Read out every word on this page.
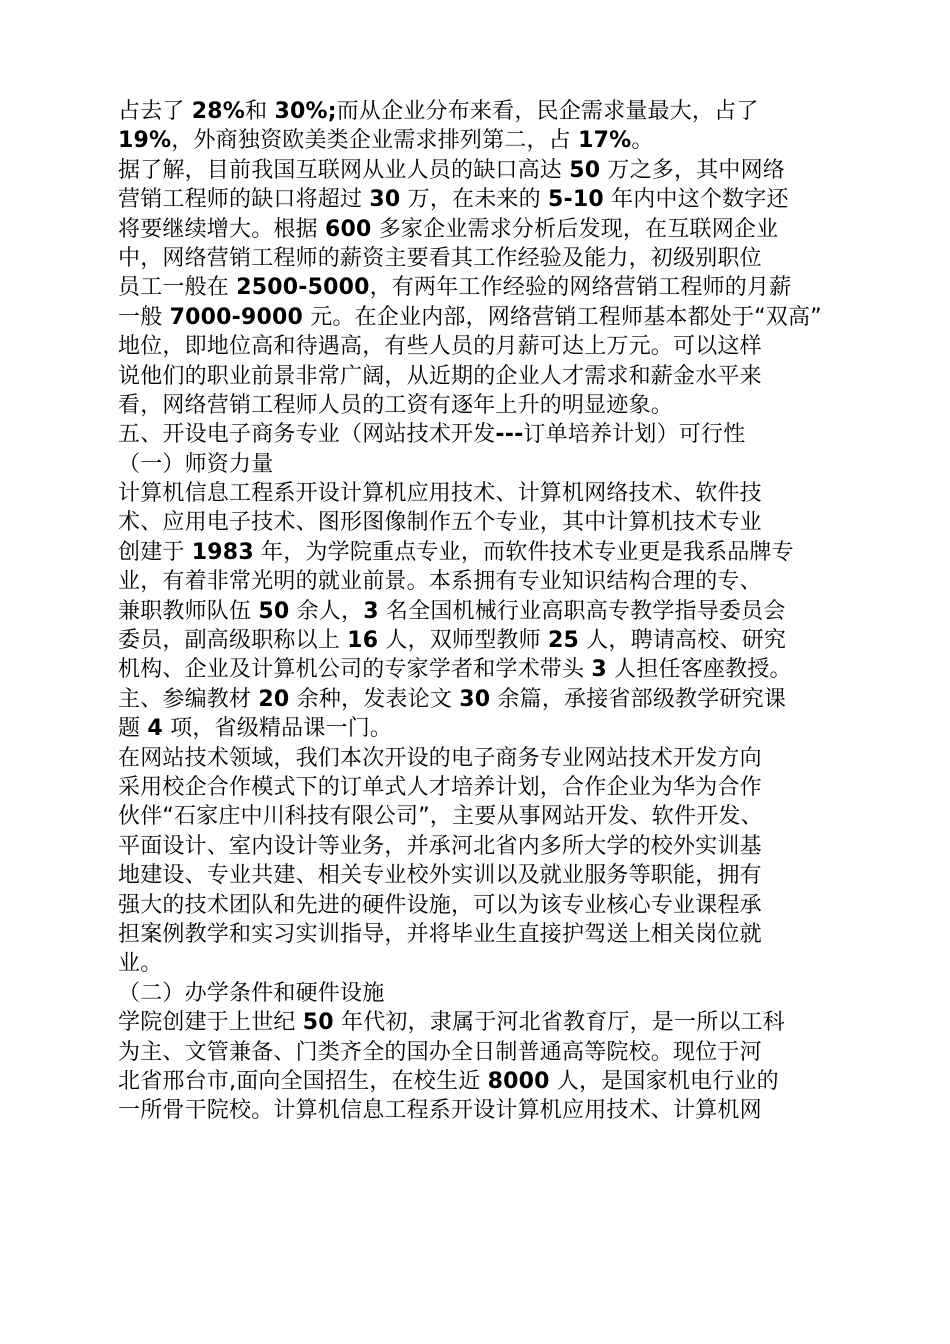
占去了 28%和 30%;而从企业分布来看，民企需求量最大，占了
19%，外商独资欧美类企业需求排列第二，占 17%。
据了解，目前我国互联网从业人员的缺口高达 50 万之多，其中网络
营销工程师的缺口将超过 30 万，在未来的 5-10 年内中这个数字还
将要继续增大。根据 600 多家企业需求分析后发现，在互联网企业
中，网络营销工程师的薪资主要看其工作经验及能力，初级别职位
员工一般在 2500-5000，有两年工作经验的网络营销工程师的月薪
一般 7000-9000 元。在企业内部，网络营销工程师基本都处于“双高”
地位，即地位高和待遇高，有些人员的月薪可达上万元。可以这样
说他们的职业前景非常广阔，从近期的企业人才需求和薪金水平来
看，网络营销工程师人员的工资有逐年上升的明显迹象。
五、开设电子商务专业（网站技术开发---订单培养计划）可行性
（一）师资力量
计算机信息工程系开设计算机应用技术、计算机网络技术、软件技
术、应用电子技术、图形图像制作五个专业，其中计算机技术专业
创建于 1983 年，为学院重点专业，而软件技术专业更是我系品牌专
业，有着非常光明的就业前景。本系拥有专业知识结构合理的专、
兼职教师队伍 50 余人，3 名全国机械行业高职高专教学指导委员会
委员，副高级职称以上 16 人，双师型教师 25 人，聘请高校、研究
机构、企业及计算机公司的专家学者和学术带头 3 人担任客座教授。
主、参编教材 20 余种，发表论文 30 余篇，承接省部级教学研究课
题 4 项，省级精品课一门。
在网站技术领域，我们本次开设的电子商务专业网站技术开发方向
采用校企合作模式下的订单式人才培养计划，合作企业为华为合作
伙伴“石家庄中川科技有限公司”，主要从事网站开发、软件开发、
平面设计、室内设计等业务，并承河北省内多所大学的校外实训基
地建设、专业共建、相关专业校外实训以及就业服务等职能，拥有
强大的技术团队和先进的硬件设施，可以为该专业核心专业课程承
担案例教学和实习实训指导，并将毕业生直接护驾送上相关岗位就
业。
（二）办学条件和硬件设施
学院创建于上世纪 50 年代初，隶属于河北省教育厅，是一所以工科
为主、文管兼备、门类齐全的国办全日制普通高等院校。现位于河
北省邢台市,面向全国招生，在校生近 8000 人，是国家机电行业的
一所骨干院校。计算机信息工程系开设计算机应用技术、计算机网
